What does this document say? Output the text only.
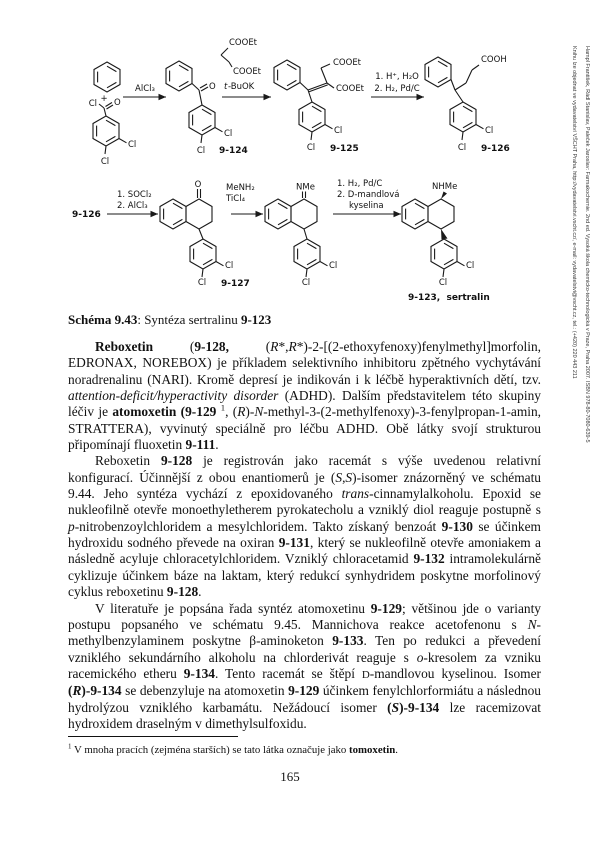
+
Cl O
Cl
Cl
AlCl₃	O
Cl
Cl 9-124
COOEt
COOEt
t -BuOK
COOEt
COOEt
Cl
Cl 9-125
1. H⁺, H₂O
2. H₂, Pd/C
COOH
Cl
Cl 9-126
9-126
1. SOCl₂
2. AlCl₃
O
Cl
Cl 9-127
MeNH₂
TiCl₄
NMe
Cl
Cl
1. H₂, Pd/C
2. D-mandlová
kyselina
NHMe
Cl
Cl
9-123,  sertralin
Schéma 9.43: Syntéza sertralinu 9-123

Reboxetin (9-128, (R*,R*)-2-[(2-ethoxyfenoxy)fenylmethyl]morfolin, EDRONAX, NOREBOX) je příkladem selektivního inhibitoru zpětného vychytávání noradrenalinu (NARI). Kromě depresí je indikován i k léčbě hyperaktivních dětí, tzv. attention-deficit/hyperactivity disorder (ADHD). Dalším představitelem této skupiny léčiv je atomoxetin (9-129 $^1$, (R)-N-methyl-3-(2-methylfenoxy)-3-fenylpropan-1-amin, STRATTERA), vyvinutý speciálně pro léčbu ADHD. Obě látky svojí strukturou připomínají fluoxetin 9-111.

Reboxetin 9-128 je registrován jako racemát s výše uvedenou relativní konfigurací. Účinnější z obou enantiomerů je (S,S)-isomer znázorněný ve schématu 9.44. Jeho syntéza vychází z epoxidovaného trans-cinnamylalkoholu. Epoxid se nukleofilně otevře monoethyletherem pyrokatecholu a vzniklý diol reaguje postupně s p-nitrobenzoylchloridem a mesylchloridem. Takto získaný benzoát 9-130 se účinkem hydroxidu sodného převede na oxiran 9-131, který se nukleofilně otevře amoniakem a následně acyluje chloracetylchloridem. Vzniklý chloracetamid 9-132 intramolekulárně cyklizuje účinkem báze na laktam, který redukcí synhydridem poskytne morfolinový cyklus reboxetinu 9-128.

V literatuře je popsána řada syntéz atomoxetinu 9-129; většinou jde o varianty postupu popsaného ve schématu 9.45. Mannichova reakce acetofenonu s N-methylbenzylaminem poskytne β-aminoketon 9-133. Ten po redukci a převedení vzniklého sekundárního alkoholu na chlorderivát reaguje s o-kresolem za vzniku racemického etheru 9-134. Tento racemát se štěpí D-mandlovou kyselinou. Isomer (R)-9-134 se debenzyluje na atomoxetin 9-129 účinkem fenylchlorformiátu a následnou hydrolýzou vzniklého karbamátu. Nežádoucí isomer (S)-9-134 lze racemizovat hydroxidem draselným v dimethylsulfoxidu.

$^1$ V mnoha pracích (zejména starších) se tato látka označuje jako tomoxetin.
165
Hampl František, Rádl Stanislav, Paleček Jaroslav: Farmakochemie. 2nd ed. Vysoká škola chemicko-technologická v Praze, Praha 2007. ISBN 978-80-7080-639-5
Knihu lze objednat ve vydavatelství VŠCHT Praha, http://vydavatelstvi.vscht.cz/, e-mail: vydavatelstvi@vscht.cz, tel.: (+420) 220 443 211
